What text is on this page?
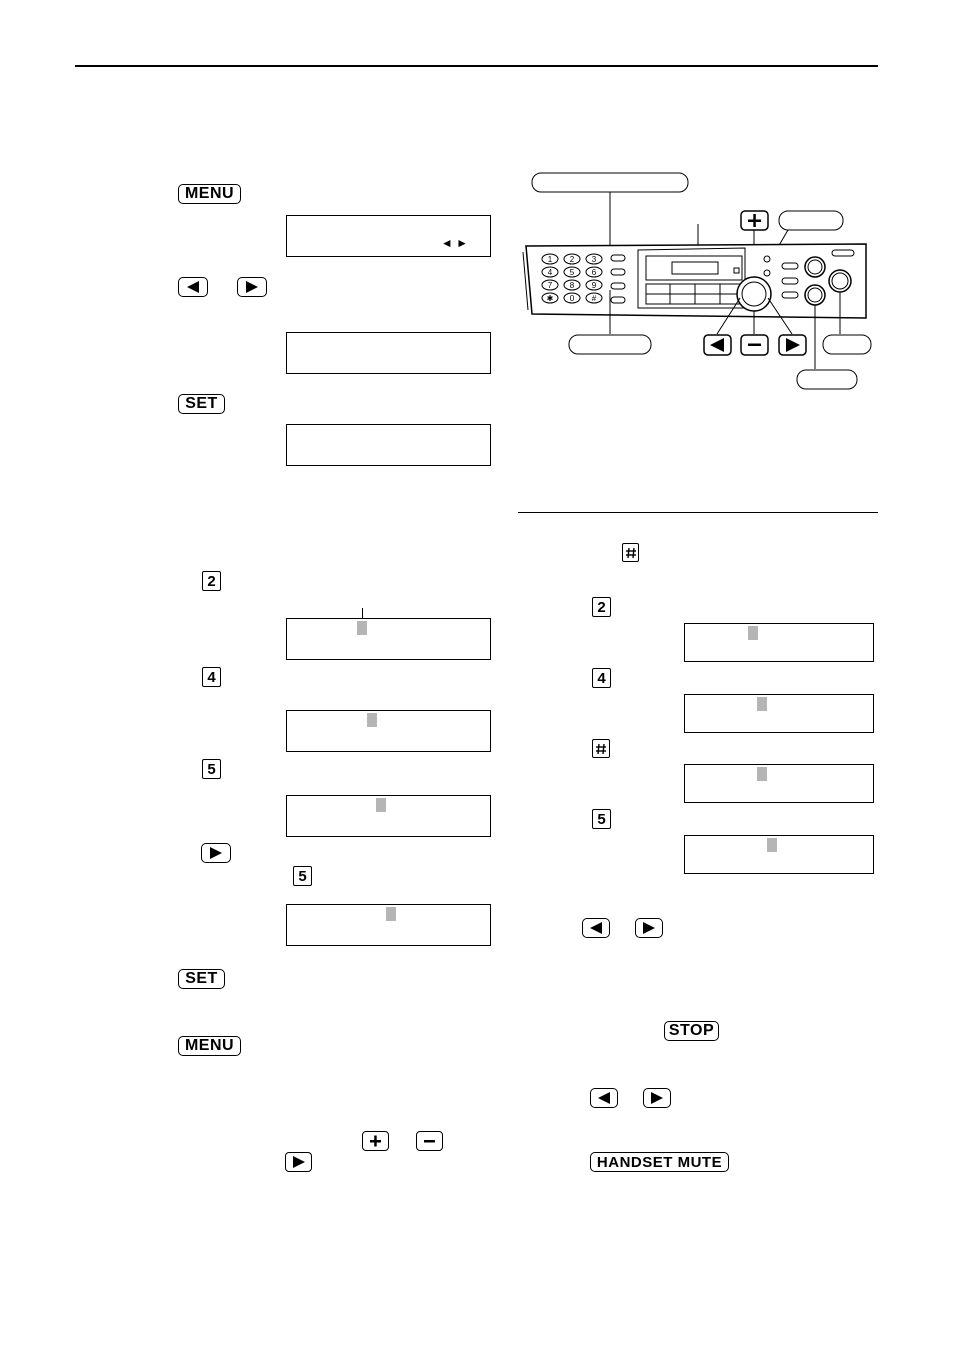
MENU
◄ ►
SET
2
4
5
5
SET
MENU
1 2 3
4 5 6
7 8 9
✱ 0 #
2
4
5
STOP
HANDSET MUTE
